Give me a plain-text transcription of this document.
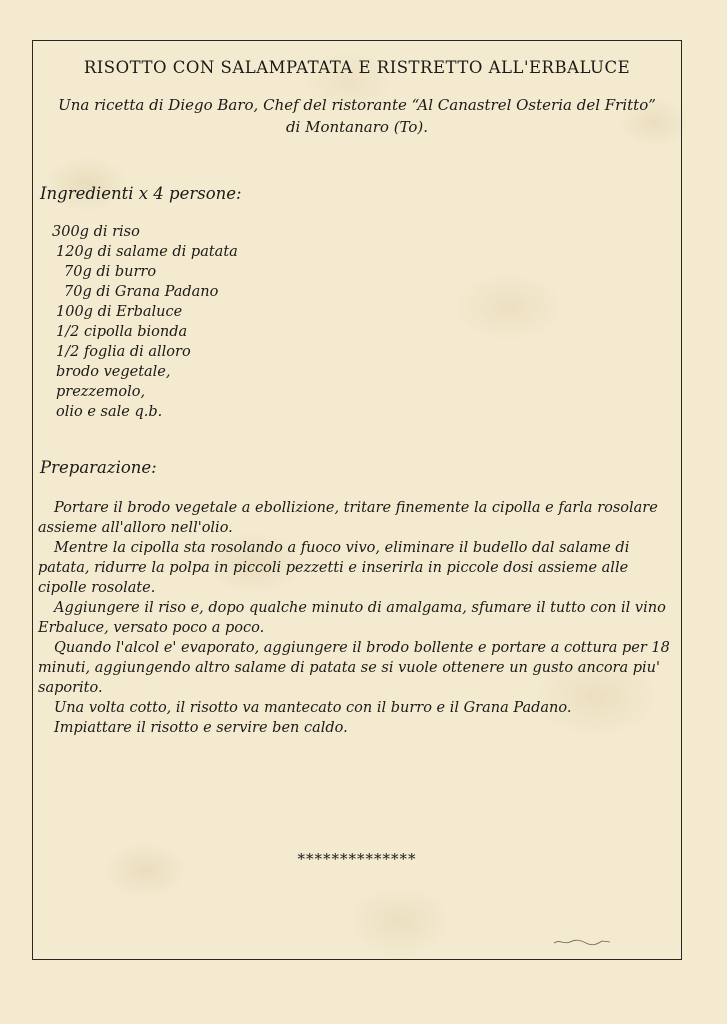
RISOTTO CON SALAMPATATA E RISTRETTO ALL'ERBALUCE
Una ricetta di Diego Baro, Chef del ristorante “Al Canastrel Osteria del Fritto”
di Montanaro (To).
Ingredienti x 4 persone:
300g di riso
120g di salame di patata
70g di burro
70g di Grana Padano
100g di Erbaluce
1/2 cipolla bionda
1/2 foglia di alloro
brodo vegetale,
prezzemolo,
olio e sale q.b.
Preparazione:

Portare il brodo vegetale a ebollizione, tritare finemente la cipolla e farla rosolare assieme all'alloro nell'olio.

Mentre la cipolla sta rosolando a fuoco vivo, eliminare il budello dal salame di patata, ridurre la polpa in piccoli pezzetti e inserirla in piccole dosi assieme alle cipolle rosolate.

Aggiungere il riso e, dopo qualche minuto di amalgama, sfumare il tutto con il vino Erbaluce, versato poco a poco.

Quando l'alcol e' evaporato, aggiungere il brodo bollente e portare a cottura per 18 minuti, aggiungendo altro salame di patata se si vuole ottenere un gusto ancora piu' saporito.

Una volta cotto, il risotto va mantecato con il burro e il Grana Padano.

Impiattare il risotto e servire ben caldo.

**************
